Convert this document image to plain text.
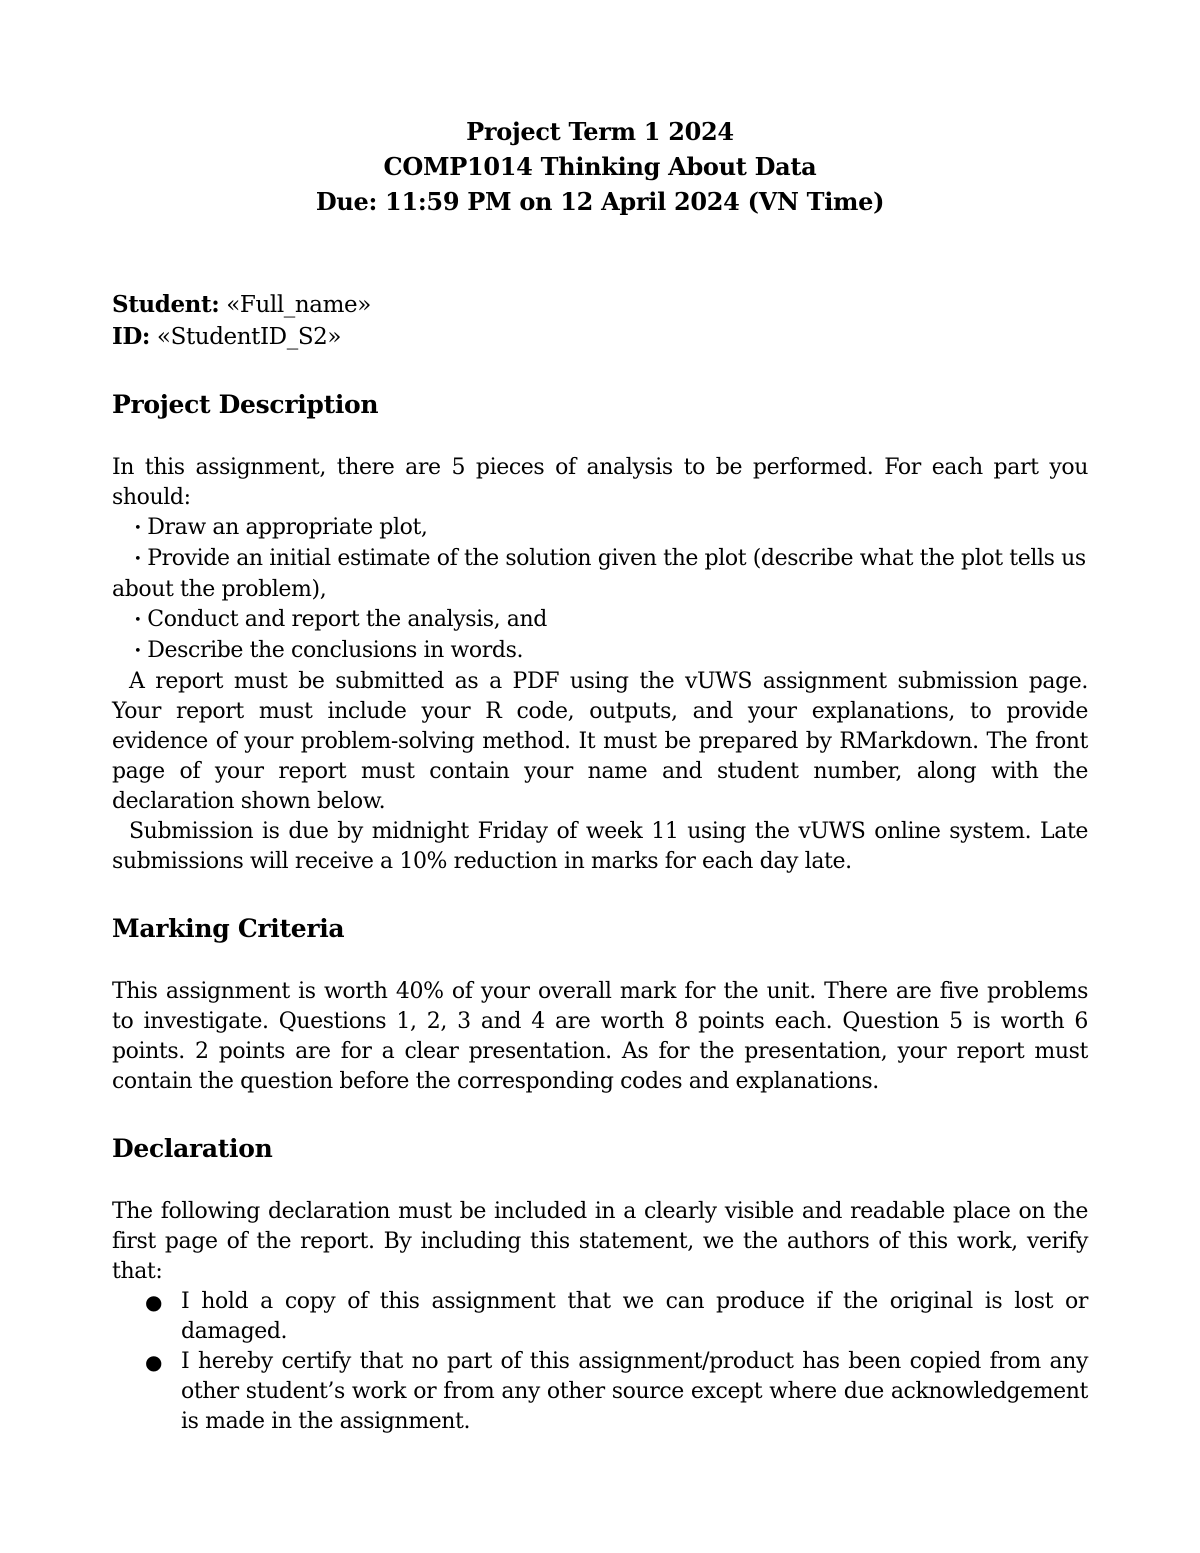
Project Term 1 2024
COMP1014 Thinking About Data
Due: 11:59 PM on 12 April 2024 (VN Time)
Student: «Full_name»
ID: «StudentID_S2»
Project Description

In this assignment, there are 5 pieces of analysis to be performed. For each part you should:

• Draw an appropriate plot,
• Provide an initial estimate of the solution given the plot (describe what the plot tells us about the problem),
• Conduct and report the analysis, and
• Describe the conclusions in words.

A report must be submitted as a PDF using the vUWS assignment submission page. Your report must include your R code, outputs, and your explanations, to provide evidence of your problem-solving method. It must be prepared by RMarkdown. The front page of your report must contain your name and student number, along with the declaration shown below.

Submission is due by midnight Friday of week 11 using the vUWS online system. Late submissions will receive a 10% reduction in marks for each day late.

Marking Criteria

This assignment is worth 40% of your overall mark for the unit. There are five problems to investigate. Questions 1, 2, 3 and 4 are worth 8 points each. Question 5 is worth 6 points. 2 points are for a clear presentation. As for the presentation, your report must contain the question before the corresponding codes and explanations.

Declaration

The following declaration must be included in a clearly visible and readable place on the first page of the report. By including this statement, we the authors of this work, verify that:

● I hold a copy of this assignment that we can produce if the original is lost or damaged.
● I hereby certify that no part of this assignment/product has been copied from any other student’s work or from any other source except where due acknowledgement is made in the assignment.
